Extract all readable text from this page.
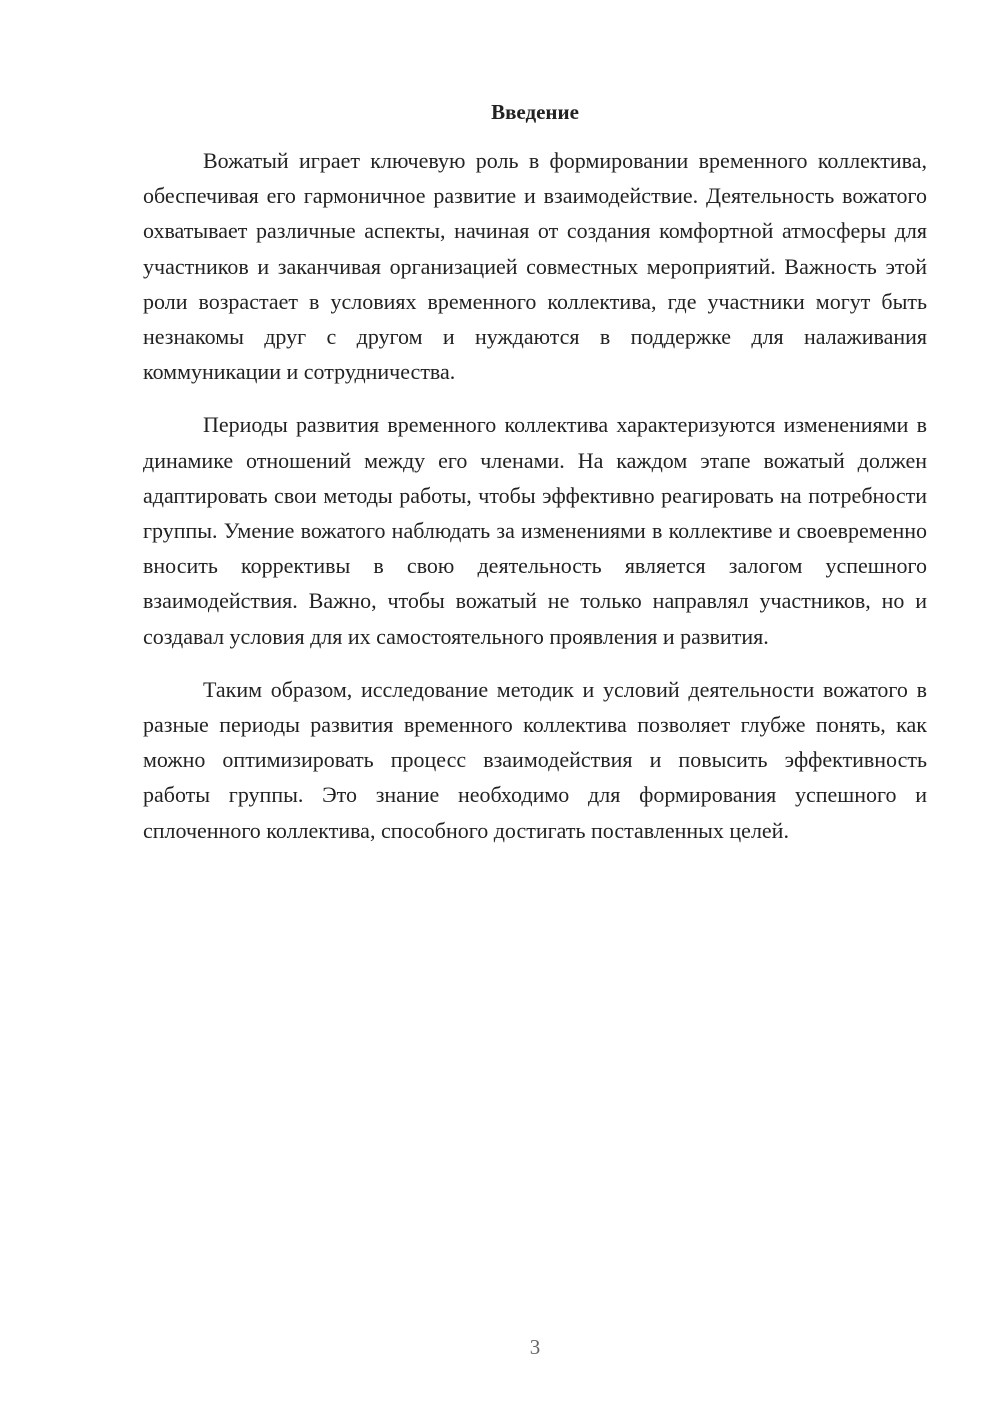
Введение

Вожатый играет ключевую роль в формировании временного коллектива, обеспечивая его гармоничное развитие и взаимодействие. Деятельность вожатого охватывает различные аспекты, начиная от создания комфортной атмосферы для участников и заканчивая организацией совместных мероприятий. Важность этой роли возрастает в условиях временного коллектива, где участники могут быть незнакомы друг с другом и нуждаются в поддержке для налаживания коммуникации и сотрудничества.

Периоды развития временного коллектива характеризуются изменениями в динамике отношений между его членами. На каждом этапе вожатый должен адаптировать свои методы работы, чтобы эффективно реагировать на потребности группы. Умение вожатого наблюдать за изменениями в коллективе и своевременно вносить коррективы в свою деятельность является залогом успешного взаимодействия. Важно, чтобы вожатый не только направлял участников, но и создавал условия для их самостоятельного проявления и развития.

Таким образом, исследование методик и условий деятельности вожатого в разные периоды развития временного коллектива позволяет глубже понять, как можно оптимизировать процесс взаимодействия и повысить эффективность работы группы. Это знание необходимо для формирования успешного и сплоченного коллектива, способного достигать поставленных целей.

3
